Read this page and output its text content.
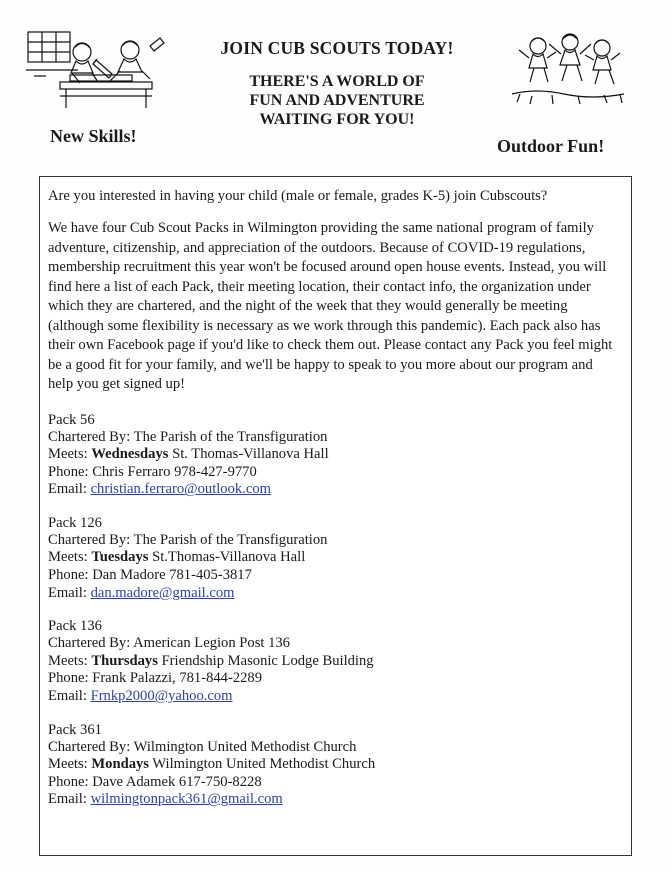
JOIN CUB SCOUTS TODAY!
THERE'S A WORLD OF
FUN AND ADVENTURE
WAITING FOR YOU!
New Skills!	Outdoor Fun!

Are you interested in having your child (male or female, grades K-5) join Cubscouts?

We have four Cub Scout Packs in Wilmington providing the same national program of family adventure, citizenship, and appreciation of the outdoors. Because of COVID-19 regulations, membership recruitment this year won't be focused around open house events. Instead, you will find here a list of each Pack, their meeting location, their contact info, the organization under which they are chartered, and the night of the week that they would generally be meeting (although some flexibility is necessary as we work through this pandemic). Each pack also has their own Facebook page if you'd like to check them out. Please contact any Pack you feel might be a good fit for your family, and we'll be happy to speak to you more about our program and help you get signed up!

Pack 56
Chartered By: The Parish of the Transfiguration
Meets: Wednesdays St. Thomas-Villanova Hall
Phone: Chris Ferraro 978-427-9770
Email: christian.ferraro@outlook.com
Pack 126
Chartered By: The Parish of the Transfiguration
Meets: Tuesdays St.Thomas-Villanova Hall
Phone: Dan Madore 781-405-3817
Email: dan.madore@gmail.com
Pack 136
Chartered By: American Legion Post 136
Meets: Thursdays Friendship Masonic Lodge Building
Phone: Frank Palazzi, 781-844-2289
Email: Frnkp2000@yahoo.com
Pack 361
Chartered By: Wilmington United Methodist Church
Meets: Mondays Wilmington United Methodist Church
Phone: Dave Adamek 617-750-8228
Email: wilmingtonpack361@gmail.com
